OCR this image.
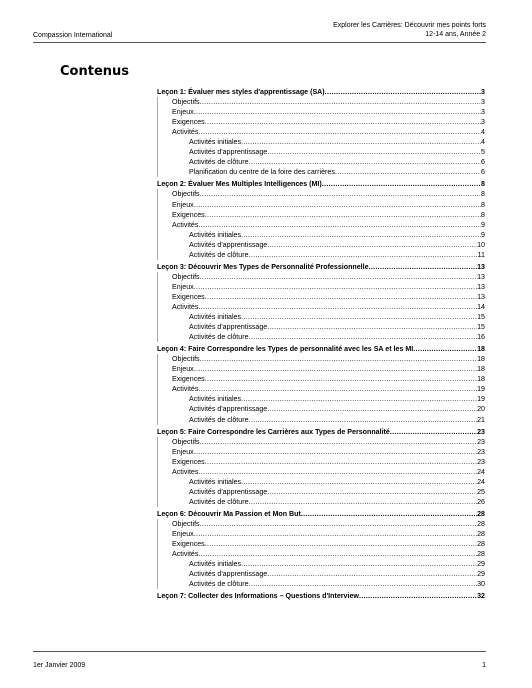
Compassion International
Explorer les Carrières: Découvrir mes points forts
12-14 ans, Année 2
Contenus
Leçon 1: Évaluer mes styles d'apprentissage (SA) .....	3
Objectifs .....	3
Enjeux .....	3
Exigences .....	3
Activités .....	4
Activités initiales .....	4
Activités d'apprentissage .....	5
Activités de clôture .....	6
Planification du centre de la foire des carrières .....	6
Leçon 2: Évaluer Mes Multiples Intelligences (MI) .....	8
Objectifs .....	8
Enjeux .....	8
Exigences .....	8
Activités .....	9
Activités initiales .....	9
Activités d'apprentissage .....	10
Activités de clôture .....	11
Leçon 3: Découvrir Mes Types de Personnalité Professionnelle .....	13
Objectifs .....	13
Enjeux .....	13
Exigences .....	13
Activités .....	14
Activités initiales .....	15
Activités d'apprentissage .....	15
Activités de clôture .....	16
Leçon 4: Faire Correspondre les Types de personnalité avec les SA et les MI .....	18
Objectifs .....	18
Enjeux .....	18
Exigences .....	18
Activités .....	19
Activités initiales .....	19
Activités d'apprentissage .....	20
Activités de clôture .....	21
Leçon 5: Faire Correspondre les Carrières aux Types de Personnalité .....	23
Objectifs .....	23
Enjeux .....	23
Exigences .....	23
Activites .....	24
Activités initiales .....	24
Activités d'apprentissage .....	25
Activités de clôture .....	26
Leçon 6: Découvrir Ma Passion et Mon But .....	28
Objectifs .....	28
Enjeux .....	28
Exigences .....	28
Activités .....	28
Activités initiales .....	29
Activités d'apprentissage .....	29
Activités de clôture .....	30
Leçon 7: Collecter des Informations – Questions d'Interview .....	32
1er Janvier 2009	1
